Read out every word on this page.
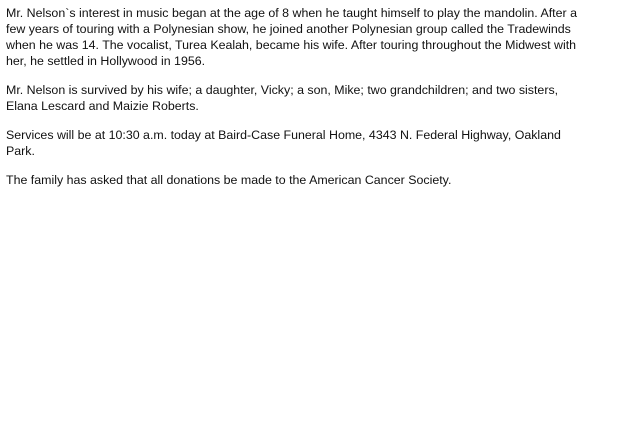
Mr. Nelson`s interest in music began at the age of 8 when he taught himself to play the mandolin. After a
few years of touring with a Polynesian show, he joined another Polynesian group called the Tradewinds
when he was 14. The vocalist, Turea Kealah, became his wife. After touring throughout the Midwest with
her, he settled in Hollywood in 1956.

Mr. Nelson is survived by his wife; a daughter, Vicky; a son, Mike; two grandchildren; and two sisters,
Elana Lescard and Maizie Roberts.

Services will be at 10:30 a.m. today at Baird-Case Funeral Home, 4343 N. Federal Highway, Oakland
Park.

The family has asked that all donations be made to the American Cancer Society.
